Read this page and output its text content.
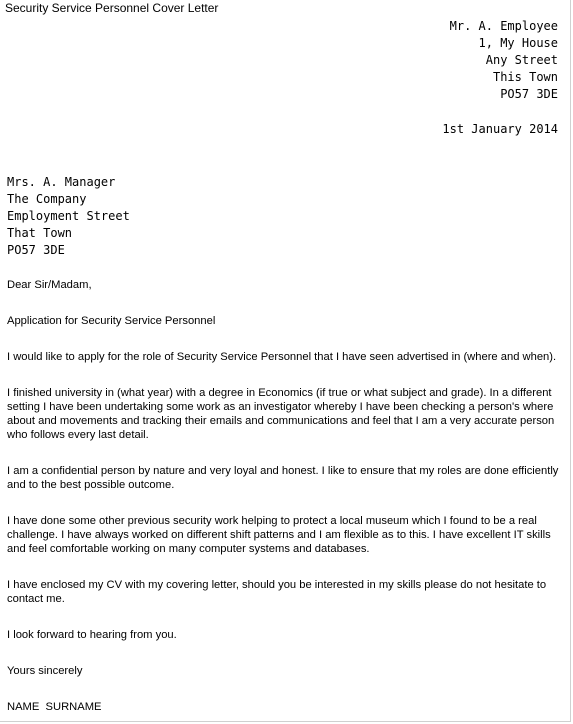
Security Service Personnel Cover Letter
Mr. A. Employee
1, My House
Any Street
This Town
PO57 3DE
1st January 2014
Mrs. A. Manager
The Company
Employment Street
That Town
PO57 3DE
Dear Sir/Madam,
Application for Security Service Personnel
I would like to apply for the role of Security Service Personnel that I have seen advertised in (where and when).
I finished university in (what year) with a degree in Economics (if true or what subject and grade). In a different setting I have been undertaking some work as an investigator whereby I have been checking a person's where about and movements and tracking their emails and communications and feel that I am a very accurate person who follows every last detail.
I am a confidential person by nature and very loyal and honest. I like to ensure that my roles are done efficiently and to the best possible outcome.
I have done some other previous security work helping to protect a local museum which I found to be a real challenge. I have always worked on different shift patterns and I am flexible as to this. I have excellent IT skills and feel comfortable working on many computer systems and databases.
I have enclosed my CV with my covering letter, should you be interested in my skills please do not hesitate to contact me.
I look forward to hearing from you.
Yours sincerely
NAME  SURNAME
